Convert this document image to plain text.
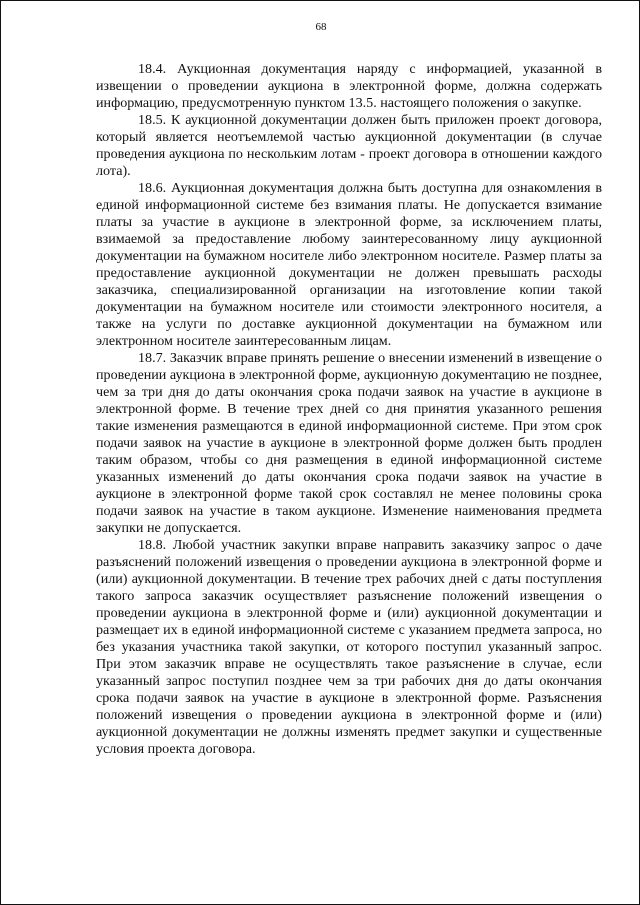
68

18.4. Аукционная документация наряду с информацией, указанной в извещении о проведении аукциона в электронной форме, должна содержать информацию, предусмотренную пунктом 13.5. настоящего положения о закупке.

18.5. К аукционной документации должен быть приложен проект договора, который является неотъемлемой частью аукционной документации (в случае проведения аукциона по нескольким лотам - проект договора в отношении каждого лота).

18.6. Аукционная документация должна быть доступна для ознакомления в единой информационной системе без взимания платы. Не допускается взимание платы за участие в аукционе в электронной форме, за исключением платы, взимаемой за предоставление любому заинтересованному лицу аукционной документации на бумажном носителе либо электронном носителе. Размер платы за предоставление аукционной документации не должен превышать расходы заказчика, специализированной организации на изготовление копии такой документации на бумажном носителе или стоимости электронного носителя, а также на услуги по доставке аукционной документации на бумажном или электронном носителе заинтересованным лицам.

18.7. Заказчик вправе принять решение о внесении изменений в извещение о проведении аукциона в электронной форме, аукционную документацию не позднее, чем за три дня до даты окончания срока подачи заявок на участие в аукционе в электронной форме. В течение трех дней со дня принятия указанного решения такие изменения размещаются в единой информационной системе. При этом срок подачи заявок на участие в аукционе в электронной форме должен быть продлен таким образом, чтобы со дня размещения в единой информационной системе указанных изменений до даты окончания срока подачи заявок на участие в аукционе в электронной форме такой срок составлял не менее половины срока подачи заявок на участие в таком аукционе. Изменение наименования предмета закупки не допускается.

18.8. Любой участник закупки вправе направить заказчику запрос о даче разъяснений положений извещения о проведении аукциона в электронной форме и (или) аукционной документации. В течение трех рабочих дней с даты поступления такого запроса заказчик осуществляет разъяснение положений извещения о проведении аукциона в электронной форме и (или) аукционной документации и размещает их в единой информационной системе с указанием предмета запроса, но без указания участника такой закупки, от которого поступил указанный запрос. При этом заказчик вправе не осуществлять такое разъяснение в случае, если указанный запрос поступил позднее чем за три рабочих дня до даты окончания срока подачи заявок на участие в аукционе в электронной форме. Разъяснения положений извещения о проведении аукциона в электронной форме и (или) аукционной документации не должны изменять предмет закупки и существенные условия проекта договора.
